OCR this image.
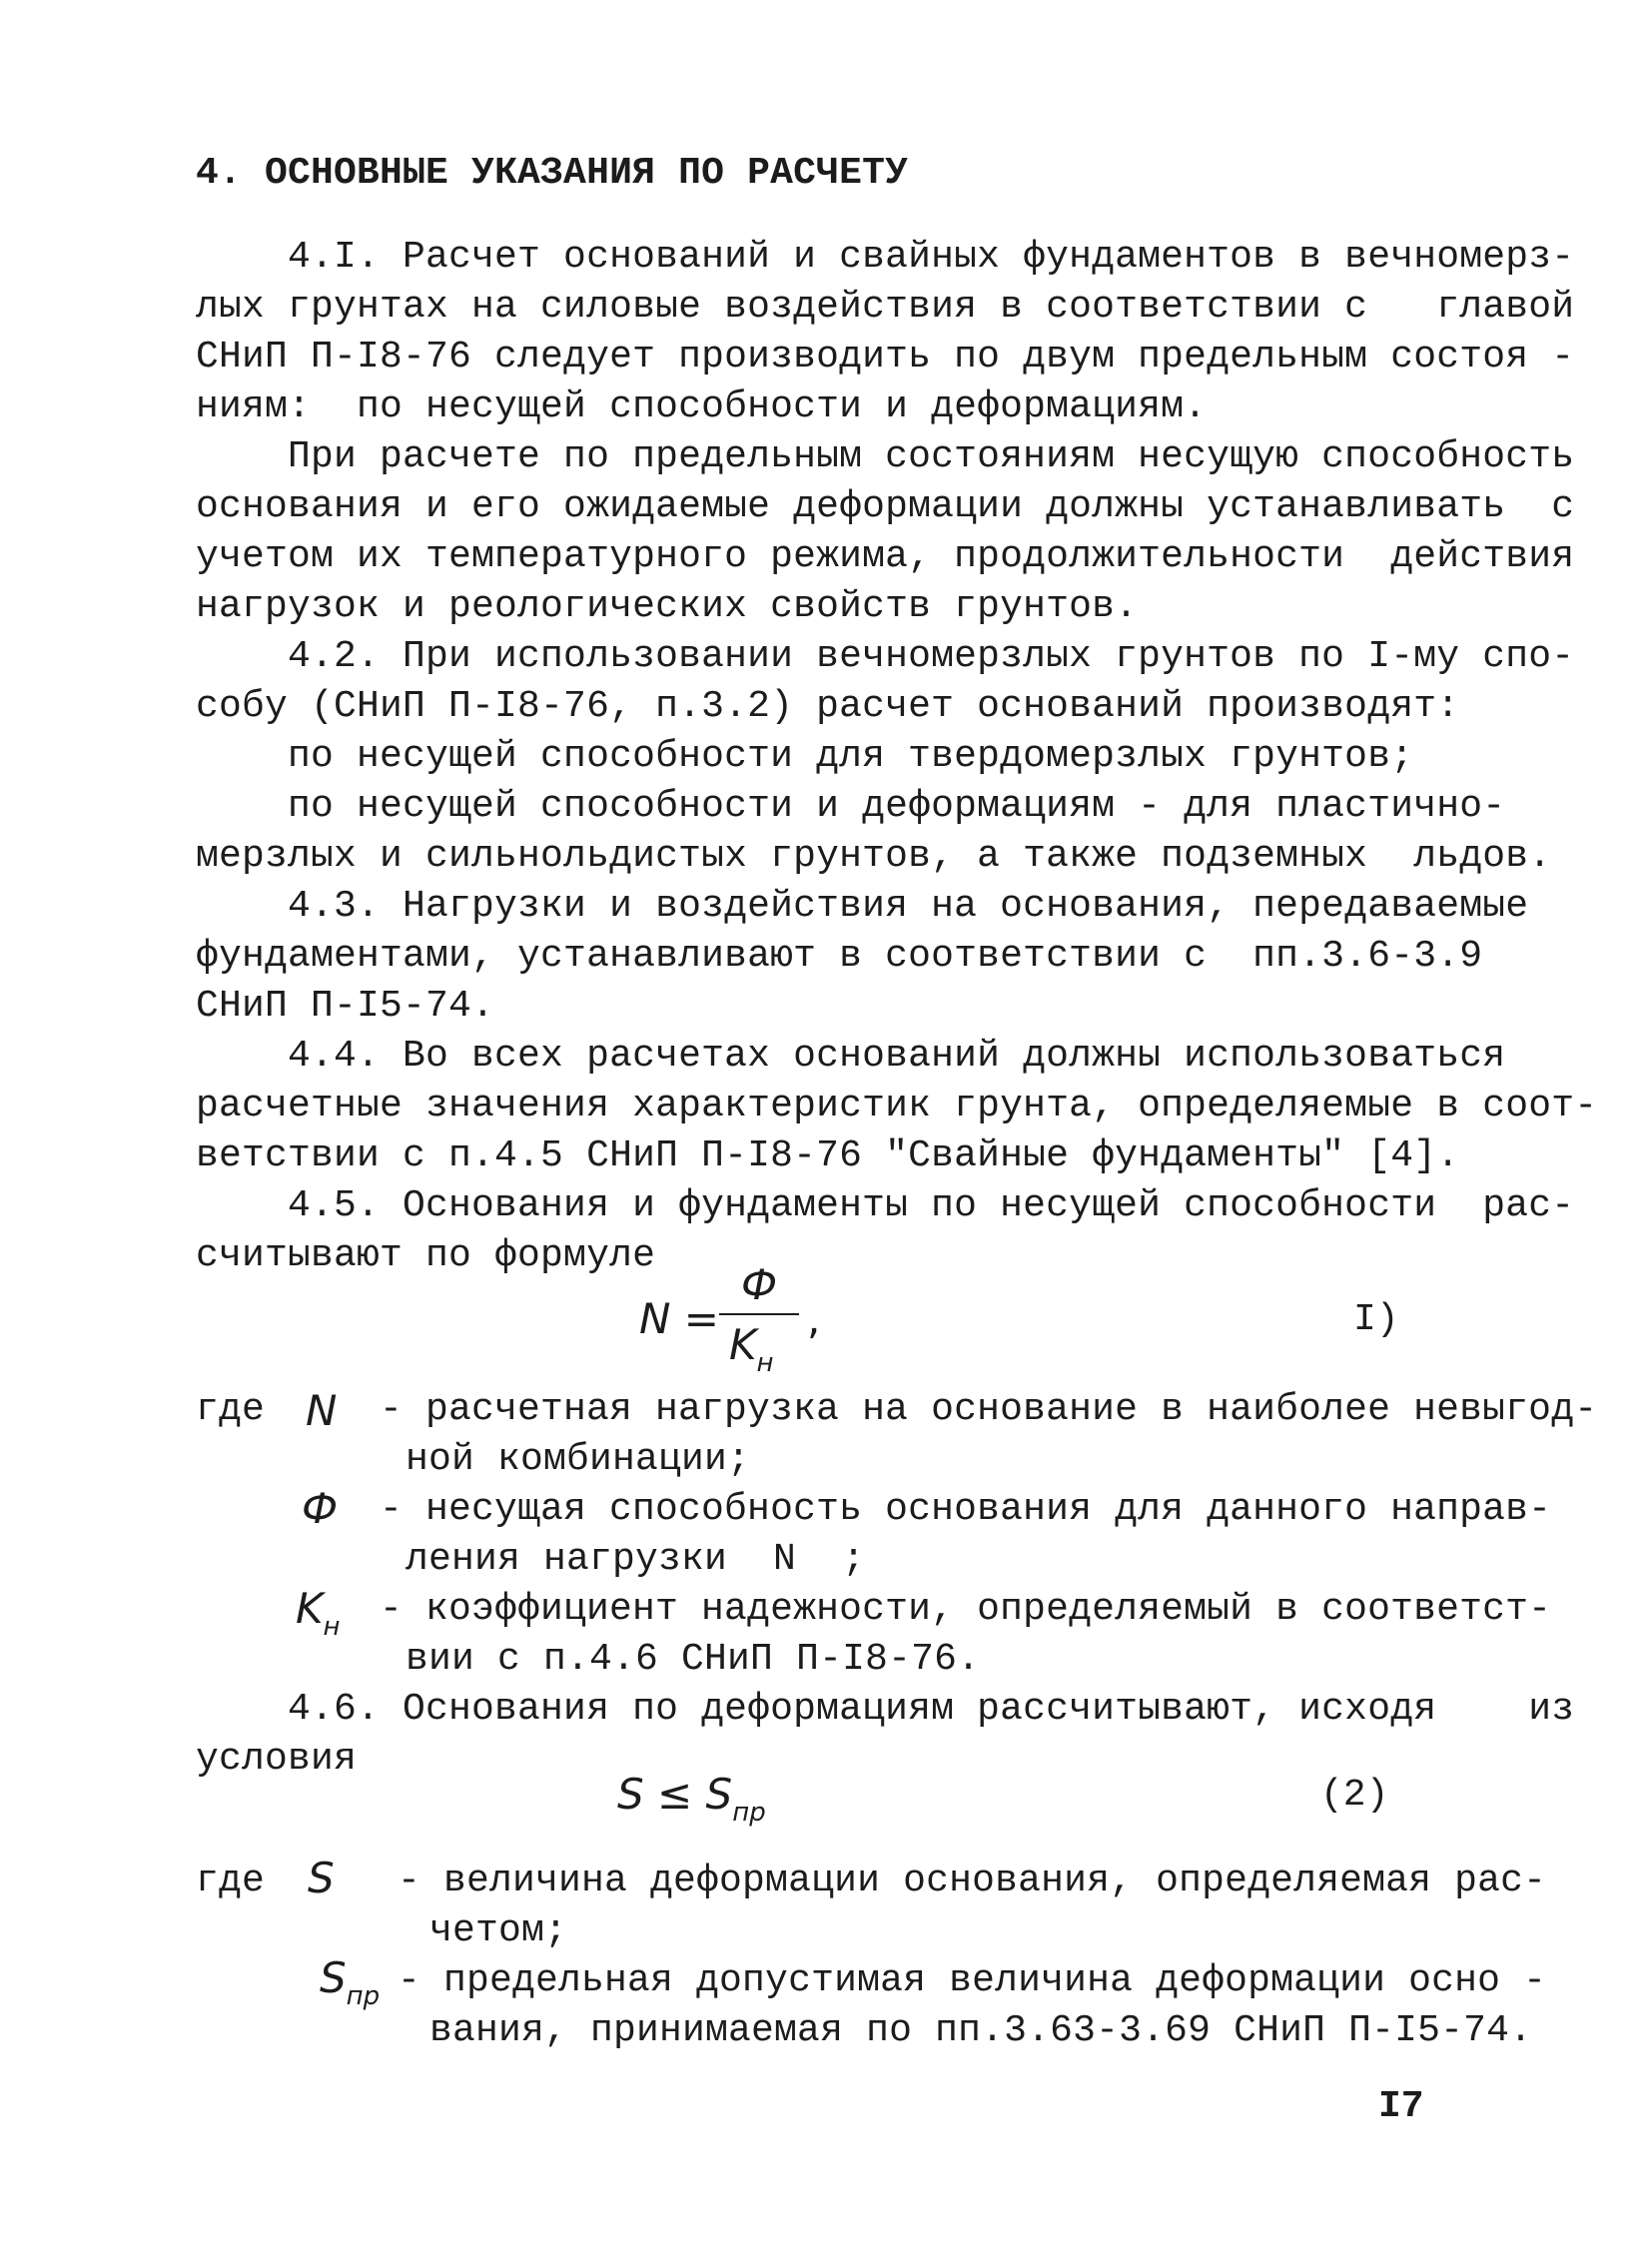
4. ОСНОВНЫЕ УКАЗАНИЯ ПО РАСЧЕТУ
4.I. Расчет оснований и свайных фундаментов в вечномерз-
лых грунтах на силовые воздействия в соответствии с   главой
СНиП П-I8-76 следует производить по двум предельным состоя -
ниям:  по несущей способности и деформациям.
При расчете по предельным состояниям несущую способность
основания и его ожидаемые деформации должны устанавливать  с
учетом их температурного режима, продолжительности  действия
нагрузок и реологических свойств грунтов.
4.2. При использовании вечномерзлых грунтов по I-му спо-
собу (СНиП П-I8-76, п.3.2) расчет оснований производят:
по несущей способности для твердомерзлых грунтов;
по несущей способности и деформациям - для пластично-
мерзлых и сильнольдистых грунтов, а также подземных  льдов.
4.3. Нагрузки и воздействия на основания, передаваемые
фундаментами, устанавливают в соответствии с  пп.3.6-3.9
СНиП П-I5-74.
4.4. Во всех расчетах оснований должны использоваться
расчетные значения характеристик грунта, определяемые в соот-
ветствии с п.4.5 СНиП П-I8-76 "Свайные фундаменты" [4].
4.5. Основания и фундаменты по несущей способности  рас-
считывают по формуле
N =
Ф
$K_н$
,	I)
где N - расчетная нагрузка на основание в наиболее невыгод-
ной комбинации;
Ф - несущая способность основания для данного направ-
ления нагрузки  N  ;
$K_н$ - коэффициент надежности, определяемый в соответст-
вии с п.4.6 СНиП П-I8-76.
4.6. Основания по деформациям рассчитывают, исходя    из
условия
$S \le S_{пр}$	(2)
где S - величина деформации основания, определяемая рас-
четом;
$S_{пр}$ - предельная допустимая величина деформации осно -
вания, принимаемая по пп.3.63-3.69 СНиП П-I5-74.
I7
